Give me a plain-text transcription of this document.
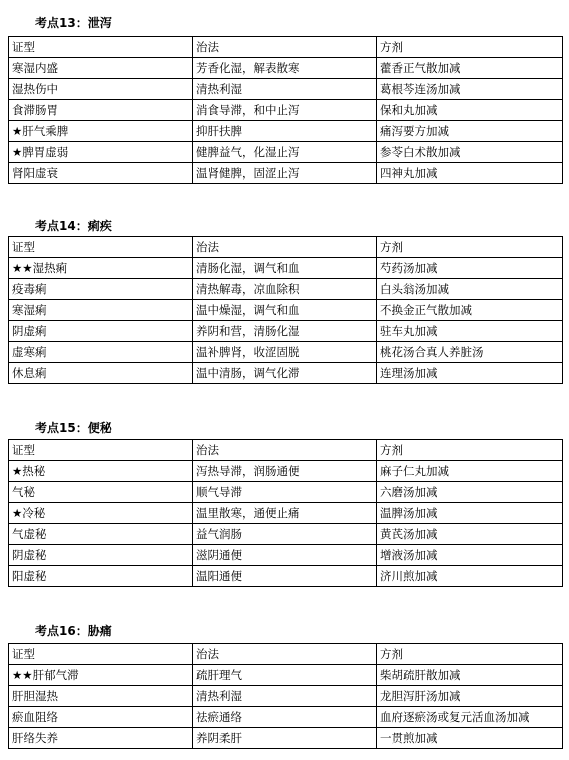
考点13：泄泻
证型	治法	方剂
寒湿内盛	芳香化湿，解表散寒	藿香正气散加减
湿热伤中	清热利湿	葛根芩连汤加减
食滞肠胃	消食导滞，和中止泻	保和丸加减
★肝气乘脾	抑肝扶脾	痛泻要方加减
★脾胃虚弱	健脾益气，化湿止泻	参苓白术散加减
肾阳虚衰	温肾健脾，固涩止泻	四神丸加减
考点14：痢疾
证型	治法	方剂
★★湿热痢	清肠化湿，调气和血	芍药汤加减
疫毒痢	清热解毒，凉血除积	白头翁汤加减
寒湿痢	温中燥湿，调气和血	不换金正气散加减
阴虚痢	养阴和营，清肠化湿	驻车丸加减
虚寒痢	温补脾肾，收涩固脱	桃花汤合真人养脏汤
休息痢	温中清肠，调气化滞	连理汤加减
考点15：便秘
证型	治法	方剂
★热秘	泻热导滞，润肠通便	麻子仁丸加减
气秘	顺气导滞	六磨汤加减
★冷秘	温里散寒，通便止痛	温脾汤加减
气虚秘	益气润肠	黄芪汤加减
阴虚秘	滋阴通便	增液汤加减
阳虚秘	温阳通便	济川煎加减
考点16：胁痛
证型	治法	方剂
★★肝郁气滞	疏肝理气	柴胡疏肝散加减
肝胆湿热	清热利湿	龙胆泻肝汤加减
瘀血阻络	祛瘀通络	血府逐瘀汤或复元活血汤加减
肝络失养	养阴柔肝	一贯煎加减
